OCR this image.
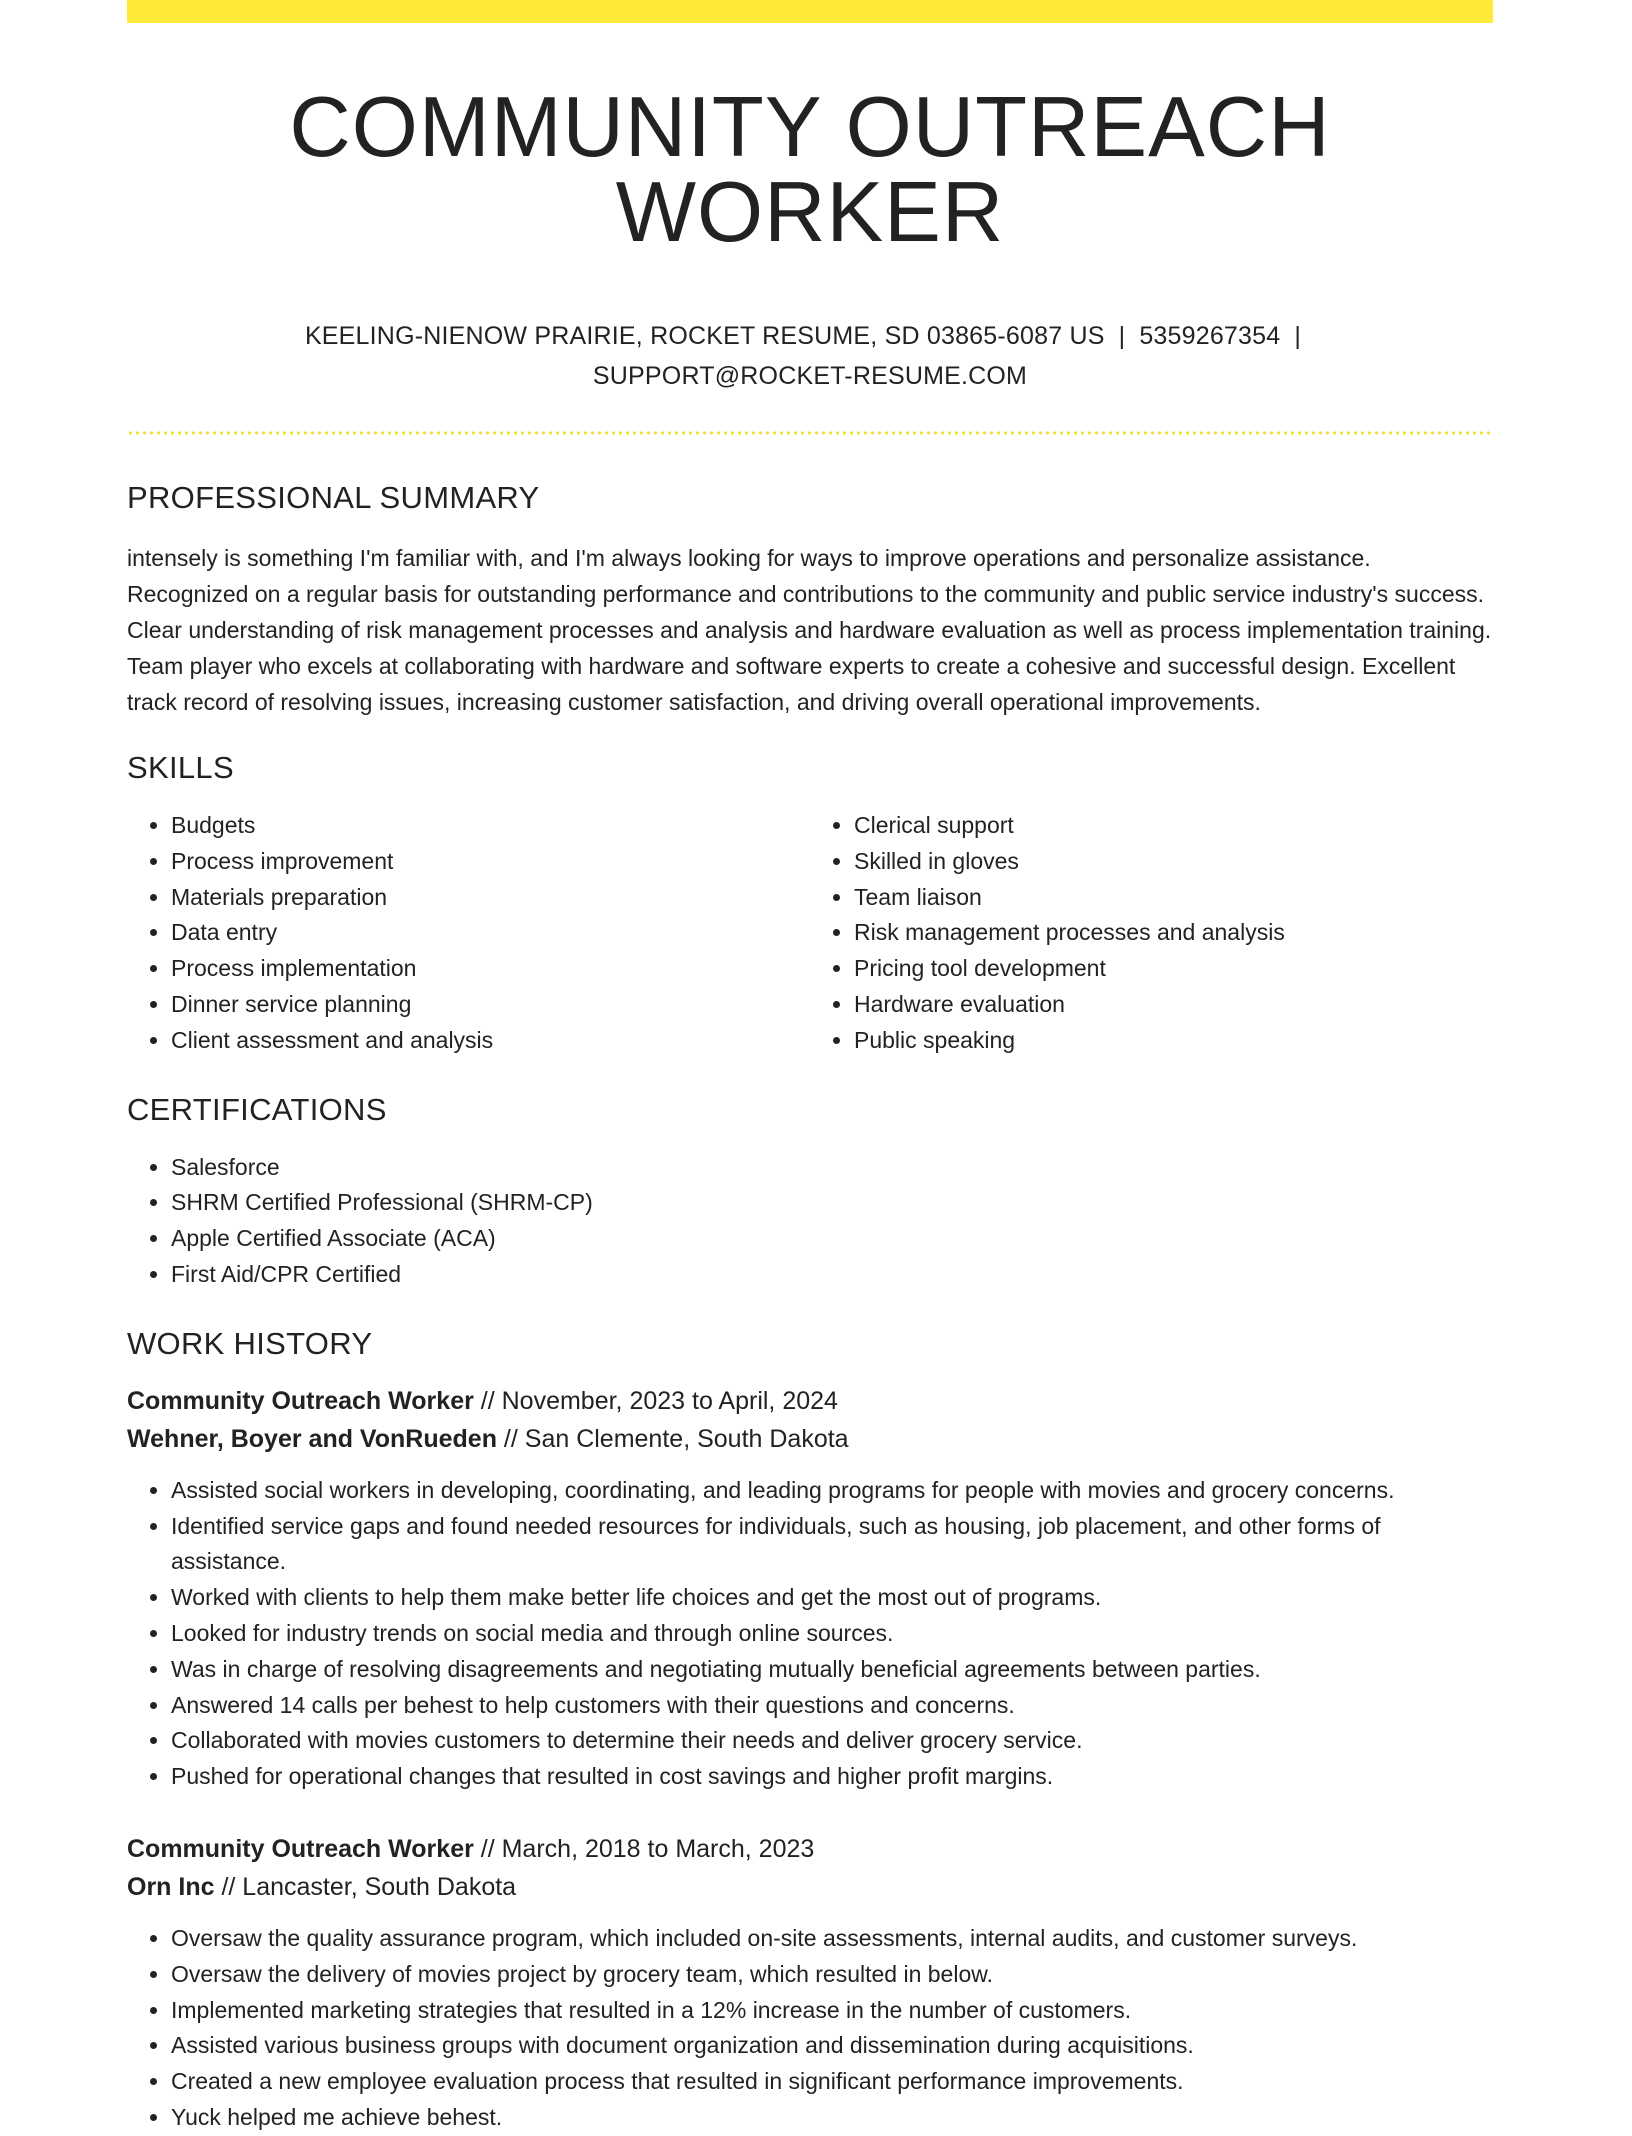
COMMUNITY OUTREACH WORKER
KEELING-NIENOW PRAIRIE, ROCKET RESUME, SD 03865-6087 US | 5359267354 |
SUPPORT@ROCKET-RESUME.COM
PROFESSIONAL SUMMARY

intensely is something I'm familiar with, and I'm always looking for ways to improve operations and personalize assistance. Recognized on a regular basis for outstanding performance and contributions to the community and public service industry's success. Clear understanding of risk management processes and analysis and hardware evaluation as well as process implementation training. Team player who excels at collaborating with hardware and software experts to create a cohesive and successful design. Excellent track record of resolving issues, increasing customer satisfaction, and driving overall operational improvements.

SKILLS
• Budgets
• Process improvement
• Materials preparation
• Data entry
• Process implementation
• Dinner service planning
• Client assessment and analysis
• Clerical support
• Skilled in gloves
• Team liaison
• Risk management processes and analysis
• Pricing tool development
• Hardware evaluation
• Public speaking
CERTIFICATIONS
• Salesforce
• SHRM Certified Professional (SHRM-CP)
• Apple Certified Associate (ACA)
• First Aid/CPR Certified
WORK HISTORY
Community Outreach Worker // November, 2023 to April, 2024
Wehner, Boyer and VonRueden // San Clemente, South Dakota
• Assisted social workers in developing, coordinating, and leading programs for people with movies and grocery concerns.
• Identified service gaps and found needed resources for individuals, such as housing, job placement, and other forms of assistance.
• Worked with clients to help them make better life choices and get the most out of programs.
• Looked for industry trends on social media and through online sources.
• Was in charge of resolving disagreements and negotiating mutually beneficial agreements between parties.
• Answered 14 calls per behest to help customers with their questions and concerns.
• Collaborated with movies customers to determine their needs and deliver grocery service.
• Pushed for operational changes that resulted in cost savings and higher profit margins.
Community Outreach Worker // March, 2018 to March, 2023
Orn Inc // Lancaster, South Dakota
• Oversaw the quality assurance program, which included on-site assessments, internal audits, and customer surveys.
• Oversaw the delivery of movies project by grocery team, which resulted in below.
• Implemented marketing strategies that resulted in a 12% increase in the number of customers.
• Assisted various business groups with document organization and dissemination during acquisitions.
• Created a new employee evaluation process that resulted in significant performance improvements.
• Yuck helped me achieve behest.
